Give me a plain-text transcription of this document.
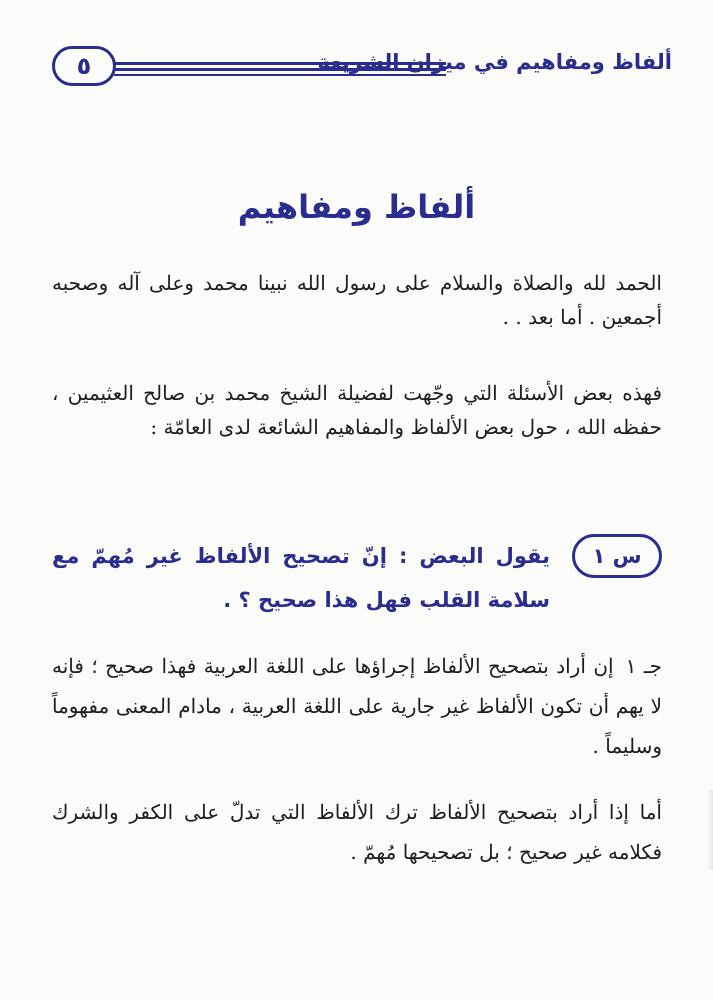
٥	ألفاظ ومفاهيم في ميزان الشريعة
ألفاظ ومفاهيم

الحمد لله والصلاة والسلام على رسول الله نبينا محمد وعلى آله وصحبه أجمعين . أما بعد . .

فهذه بعض الأسئلة التي وجّهت لفضيلة الشيخ محمد بن صالح العثيمين ، حفظه الله ، حول بعض الألفاظ والمفاهيم الشائعة لدى العامّة :

س ١
يقول البعض : إنّ تصحيح الألفاظ غير مُهمّ مع سلامة القلب فهل هذا صحيح ؟ .

جـ ١إن أراد بتصحيح الألفاظ إجراؤها على اللغة العربية فهذا صحيح ؛ فإنه لا يهم أن تكون الألفاظ غير جارية على اللغة العربية ، مادام المعنى مفهوماً وسليماً .

أما إذا أراد بتصحيح الألفاظ ترك الألفاظ التي تدلّ على الكفر والشرك فكلامه غير صحيح ؛ بل تصحيحها مُهمّ .
